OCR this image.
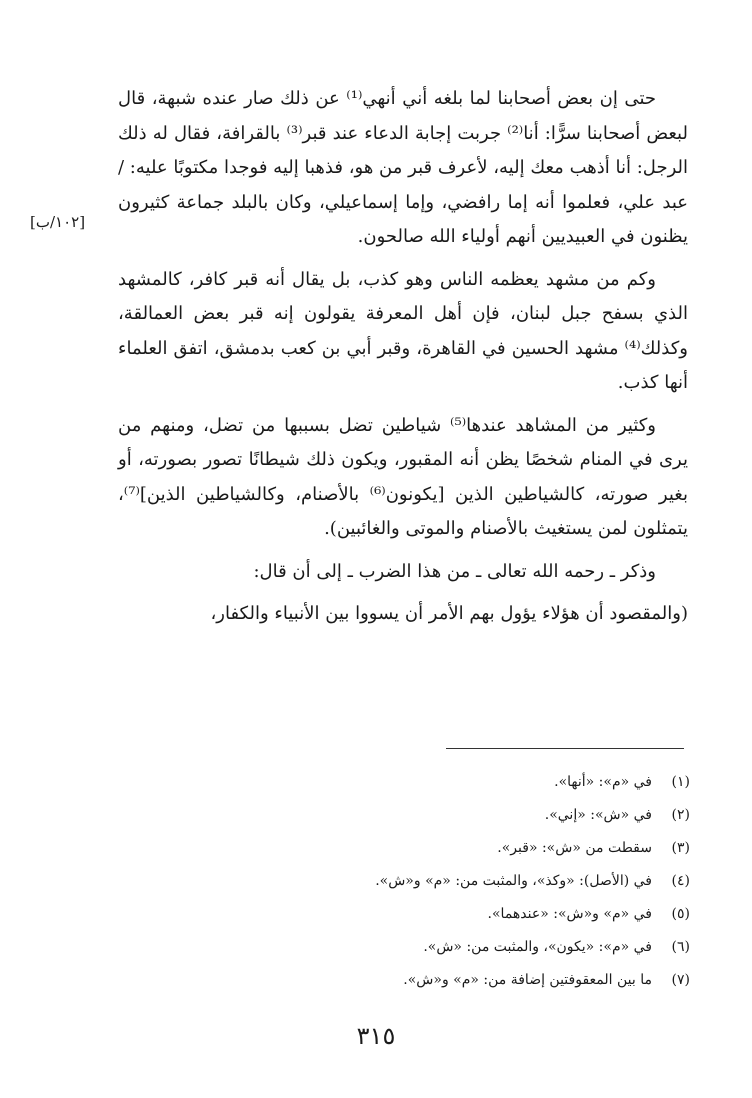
حتى إن بعض أصحابنا لما بلغه أني أنهي⁽¹⁾ عن ذلك صار عنده شبهة، قال لبعض أصحابنا سرًّا: أنا⁽²⁾ جربت إجابة الدعاء عند قبر⁽³⁾ بالقرافة، فقال له ذلك الرجل: أنا أذهب معك إليه، لأعرف قبر من هو، فذهبا إليه فوجدا مكتوبًا عليه: / عبد علي، فعلموا أنه إما رافضي، وإما إسماعيلي، وكان بالبلد جماعة كثيرون يظنون في العبيديين أنهم أولياء الله صالحون.

وكم من مشهد يعظمه الناس وهو كذب، بل يقال أنه قبر كافر، كالمشهد الذي بسفح جبل لبنان، فإن أهل المعرفة يقولون إنه قبر بعض العمالقة، وكذلك⁽⁴⁾ مشهد الحسين في القاهرة، وقبر أبي بن كعب بدمشق، اتفق العلماء أنها كذب.

وكثير من المشاهد عندها⁽⁵⁾ شياطين تضل بسببها من تضل، ومنهم من يرى في المنام شخصًا يظن أنه المقبور، ويكون ذلك شيطانًا تصور بصورته، أو بغير صورته، كالشياطين الذين [يكونون⁽⁶⁾ بالأصنام، وكالشياطين الذين]⁽⁷⁾، يتمثلون لمن يستغيث بالأصنام والموتى والغائبين).

وذكر ـ رحمه الله تعالى ـ من هذا الضرب ـ إلى أن قال:

(والمقصود أن هؤلاء يؤول بهم الأمر أن يسووا بين الأنبياء والكفار،

[١٠٢/ب]
(١)
في «م»: «أنها».
(٢)
في «ش»: «إني».
(٣)
سقطت من «ش»: «قبر».
(٤)
في (الأصل): «وكذ»، والمثبت من: «م» و«ش».
(٥)
في «م» و«ش»: «عندهما».
(٦)
في «م»: «يكون»، والمثبت من: «ش».
(٧)
ما بين المعقوفتين إضافة من: «م» و«ش».
٣١٥
